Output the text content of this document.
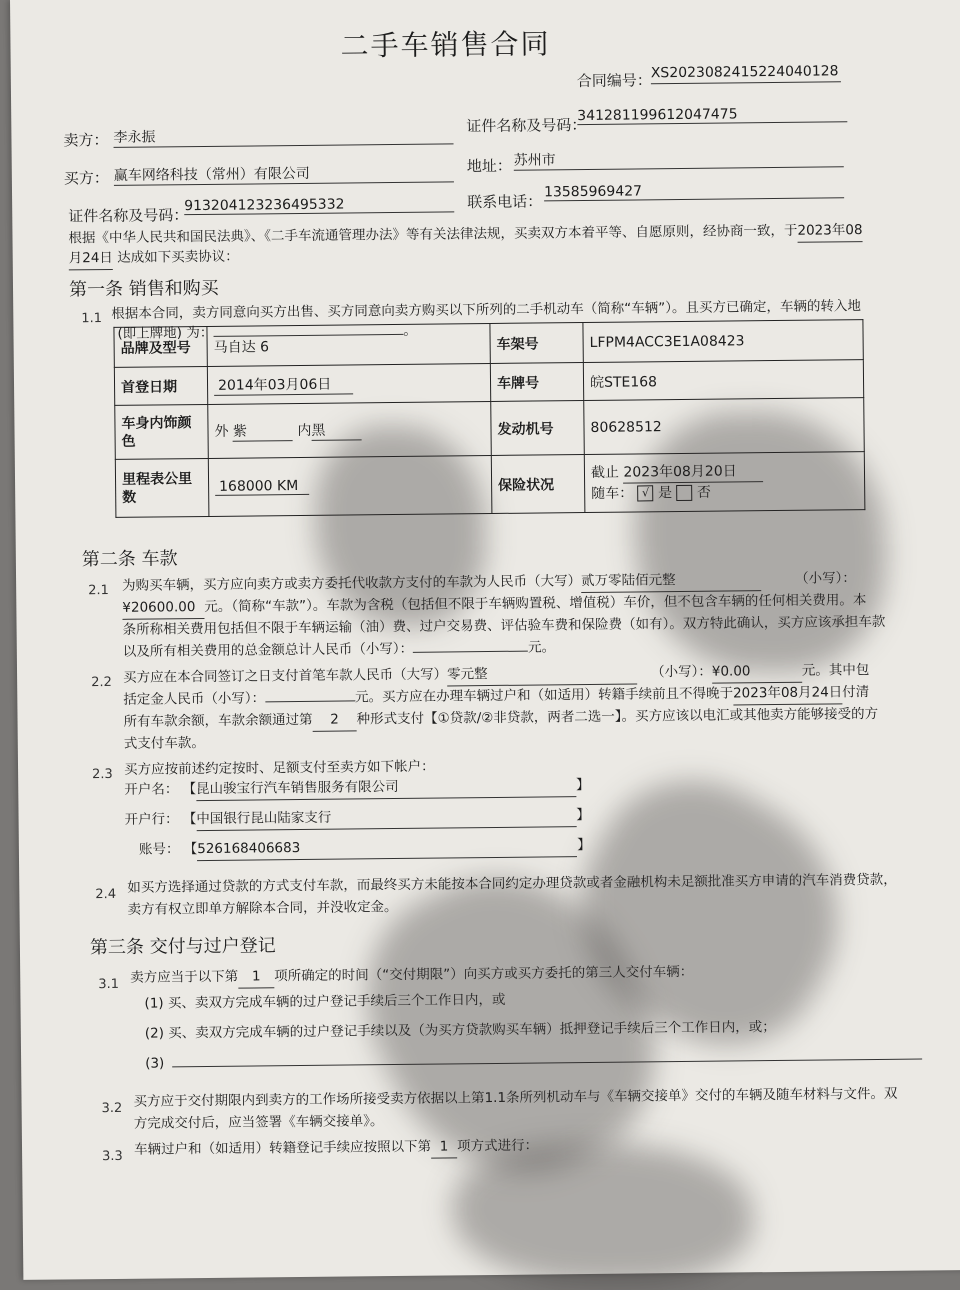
二手车销售合同
合同编号：
XS2023082415224040128
卖方： 李永振
证件名称及号码：
341281199612047475
买方： 赢车网络科技（常州）有限公司	地址： 苏州市
证件名称及号码：
913204123236495332	联系电话：
13585969427
根据《中华人民共和国民法典》、《二手车流通管理办法》等有关法律法规，买卖双方本着平等、自愿原则，经协商一致，于2023年08
月24日 达成如下买卖协议：
第一条 销售和购买
1.1 根据本合同，卖方同意向买方出售、买方同意向卖方购买以下所列的二手机动车（简称“车辆”）。且买方已确定，车辆的转入地
(即上牌地) 为：	。
品牌及型号	马自达 6	车架号	LFPM4ACC3E1A08423
首登日期	2014年03月06日	车牌号	皖STE168
车身内饰颜色	外 紫 内黑	发动机号	80628512
里程表公里数	168000 KM	保险状况	截止 2023年08月20日
随车： √ 是 否
第二条 车款
2.1 为购买车辆，买方应向卖方或卖方委托代收款方支付的车款为人民币（大写）贰万零陆佰元整	（小写）：
¥20600.00 元。（简称“车款”）。车款为含税（包括但不限于车辆购置税、增值税）车价，但不包含车辆的任何相关费用。本
条所称相关费用包括但不限于车辆运输（油）费、过户交易费、评估验车费和保险费（如有）。双方特此确认，买方应该承担车款
以及所有相关费用的总金额总计人民币（小写）：	元。
2.2 买方应在本合同签订之日支付首笔车款人民币（大写）零元整	（小写）：¥0.00	元。其中包
括定金人民币（小写）：	元。买方应在办理车辆过户和（如适用）转籍手续前且不得晚于2023年08月24日付清
所有车款余额，车款余额通过第 2 种形式支付【①贷款/②非贷款，两者二选一】。买方应该以电汇或其他卖方能够接受的方
式支付车款。
2.3 买方应按前述约定按时、足额支付至卖方如下帐户：
开户名： 【昆山骏宝行汽车销售服务有限公司	】
开户行： 【中国银行昆山陆家支行	】
账号： 【526168406683	】
2.4 如买方选择通过贷款的方式支付车款，而最终买方未能按本合同约定办理贷款或者金融机构未足额批准买方申请的汽车消费贷款，
卖方有权立即单方解除本合同，并没收定金。
第三条 交付与过户登记
3.1 卖方应当于以下第 1 项所确定的时间（“交付期限”）向买方或买方委托的第三人交付车辆：
(1) 买、卖双方完成车辆的过户登记手续后三个工作日内，或
(2) 买、卖双方完成车辆的过户登记手续以及（为买方贷款购买车辆）抵押登记手续后三个工作日内，或；
(3)
3.2 买方应于交付期限内到卖方的工作场所接受卖方依据以上第1.1条所列机动车与《车辆交接单》交付的车辆及随车材料与文件。双
方完成交付后，应当签署《车辆交接单》。
3.3 车辆过户和（如适用）转籍登记手续应按照以下第 1 项方式进行：
